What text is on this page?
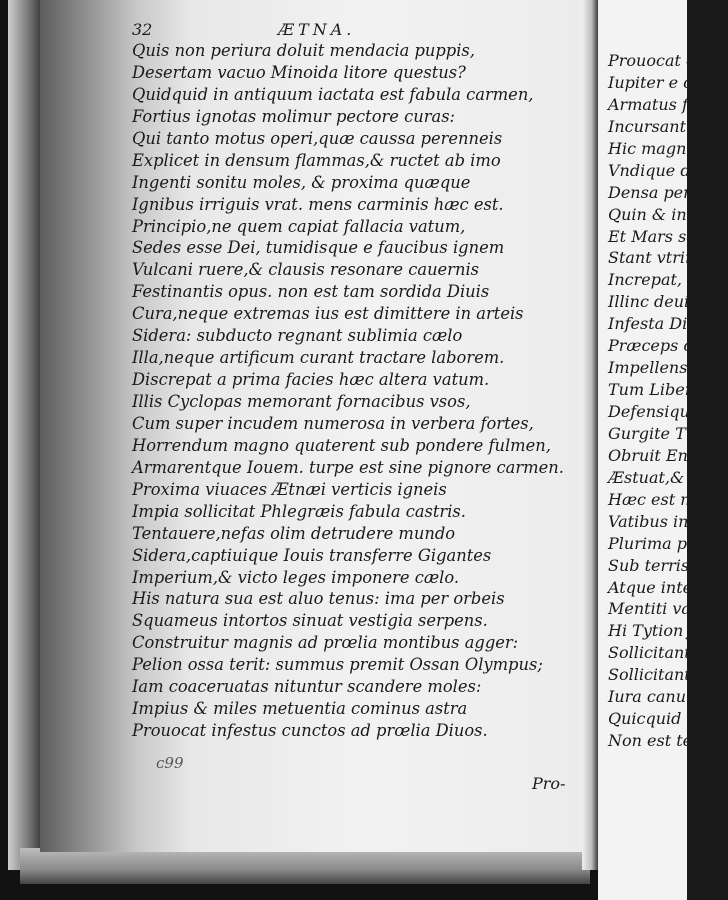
32	ÆTNA.
Quis non periura doluit mendacia puppis,
Desertam vacuo Minoida litore questus?
Quidquid in antiquum iactata est fabula carmen,
Fortius ignotas molimur pectore curas:
Qui tanto motus operi,quæ caussa perenneis
Explicet in densum flammas,& ructet ab imo
Ingenti sonitu moles, & proxima quæque
Ignibus irriguis vrat. mens carminis hæc est.
Principio,ne quem capiat fallacia vatum,
Sedes esse Dei, tumidisque e faucibus ignem
Vulcani ruere,& clausis resonare cauernis
Festinantis opus. non est tam sordida Diuis
Cura,neque extremas ius est dimittere in arteis
Sidera: subducto regnant sublimia cælo
Illa,neque artificum curant tractare laborem.
Discrepat a prima facies hæc altera vatum.
Illis Cyclopas memorant fornacibus vsos,
Cum super incudem numerosa in verbera fortes,
Horrendum magno quaterent sub pondere fulmen,
Armarentque Iouem. turpe est sine pignore carmen.
Proxima viuaces Ætnæi verticis igneis
Impia sollicitat Phlegræis fabula castris.
Tentauere,nefas olim detrudere mundo
Sidera,captiuique Iouis transferre Gigantes
Imperium,& victo leges imponere cælo.
His natura sua est aluo tenus: ima per orbeis
Squameus intortos sinuat vestigia serpens.
Construitur magnis ad prœlia montibus agger:
Pelion ossa terit: summus premit Ossan Olympus;
Iam coaceruatas nituntur scandere moles:
Impius & miles metuentia cominus astra
Prouocat infestus cunctos ad prœlia Diuos.
ᴄ99
Pro-
Prouocat e
Iupiter e ca
Armatus fla
Incursant v
Hic magno
Vndique di
Densa per a
Quin & in
Et Mars sæ
Stant vtrin
Increpat, &
Illinc deuic
Infesta Di
Præceps cu
Impellens v
Tum Liber
Defensique
Gurgite Tr
Obruit Enc
Æstuat,&
Hæc est me
Vatibus ing
Plurima pa
Sub terris n
Atque inter
Mentiti va
Hi Tytion j
Sollicitant
Sollicitantq
Iura canun
Quicquid &
Non est ter
